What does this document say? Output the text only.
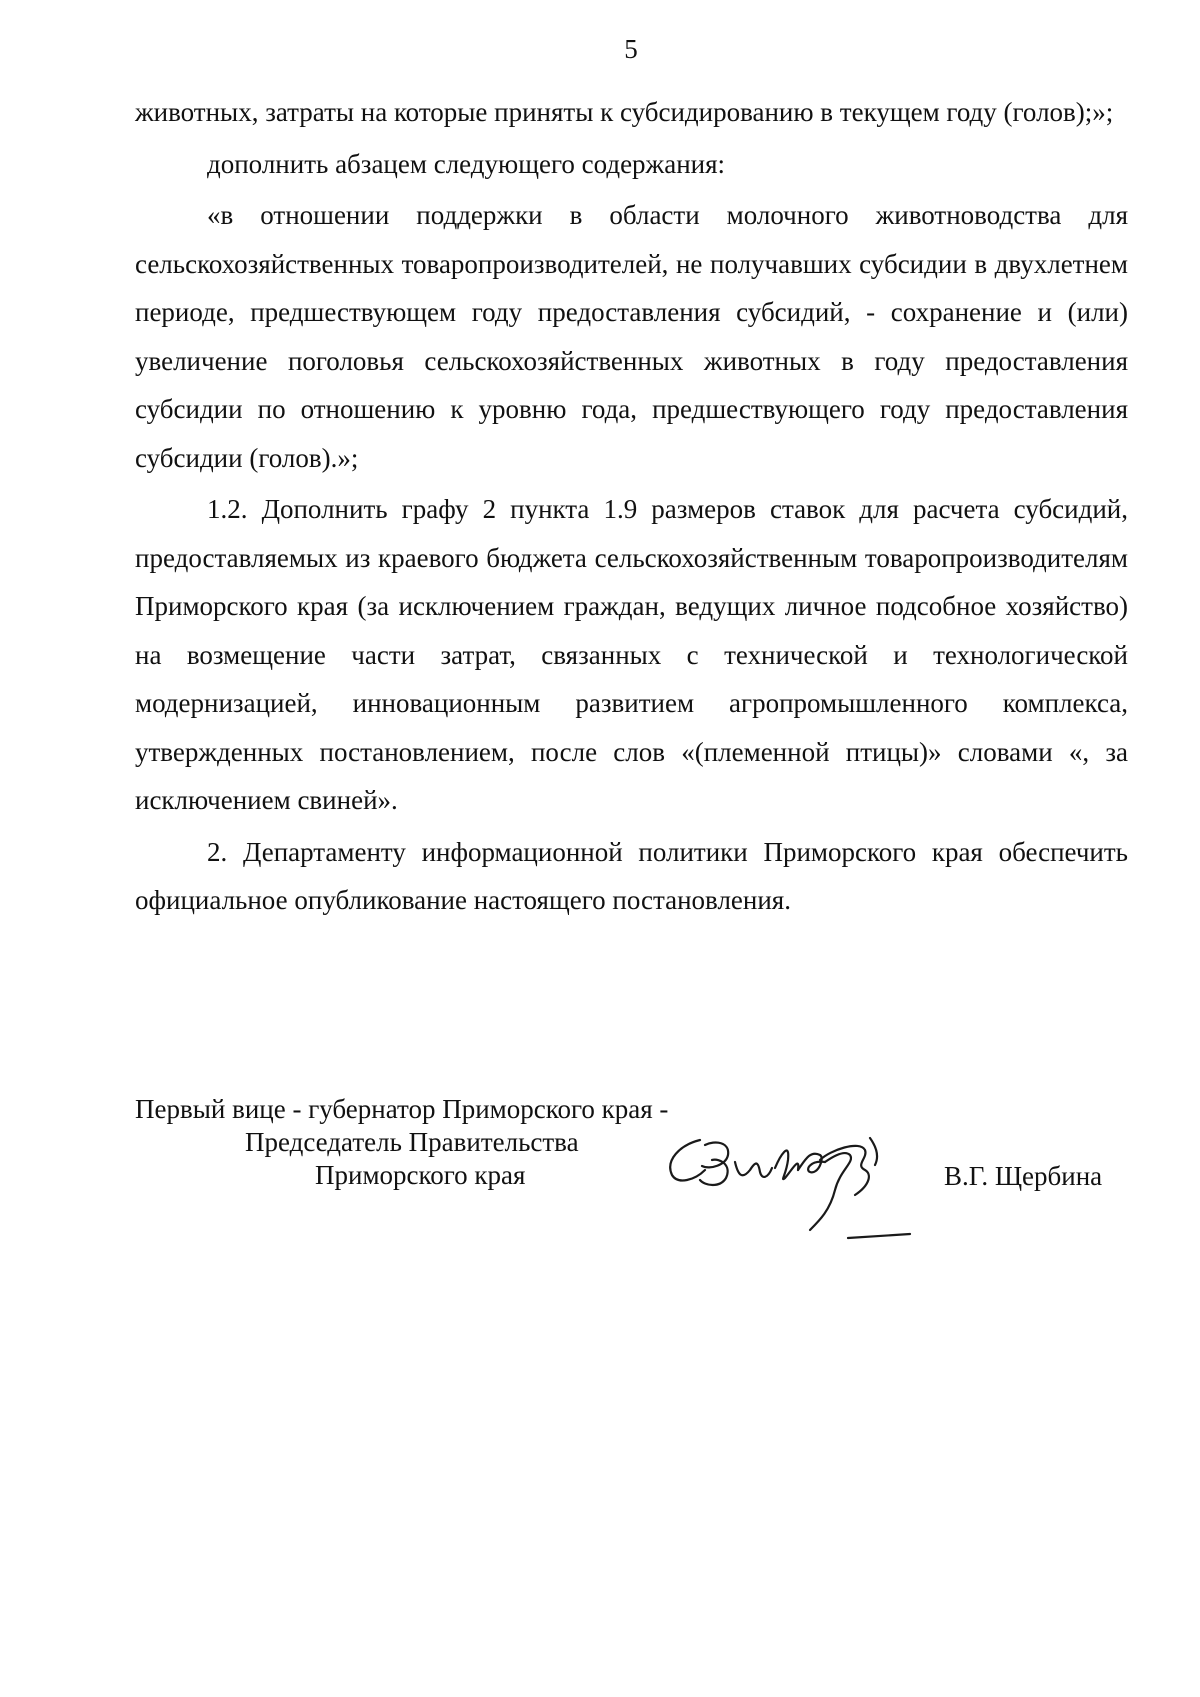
5

животных, затраты на которые приняты к субсидированию в текущем году (голов);»;

дополнить абзацем следующего содержания:

«в отношении поддержки в области молочного животноводства для сельскохозяйственных товаропроизводителей, не получавших субсидии в двухлетнем периоде, предшествующем году предоставления субсидий, - сохранение и (или) увеличение поголовья сельскохозяйственных животных в году предоставления субсидии по отношению к уровню года, предшествующего году предоставления субсидии (голов).»;

1.2. Дополнить графу 2 пункта 1.9 размеров ставок для расчета субсидий, предоставляемых из краевого бюджета сельскохозяйственным товаропроизводителям Приморского края (за исключением граждан, ведущих личное подсобное хозяйство) на возмещение части затрат, связанных с технической и технологической модернизацией, инновационным развитием агропромышленного комплекса, утвержденных постановлением, после слов «(племенной птицы)» словами «, за исключением свиней».

2. Департаменту информационной политики Приморского края обеспечить официальное опубликование настоящего постановления.

Первый вице - губернатор Приморского края -
Председатель Правительства
Приморского края	В.Г. Щербина
